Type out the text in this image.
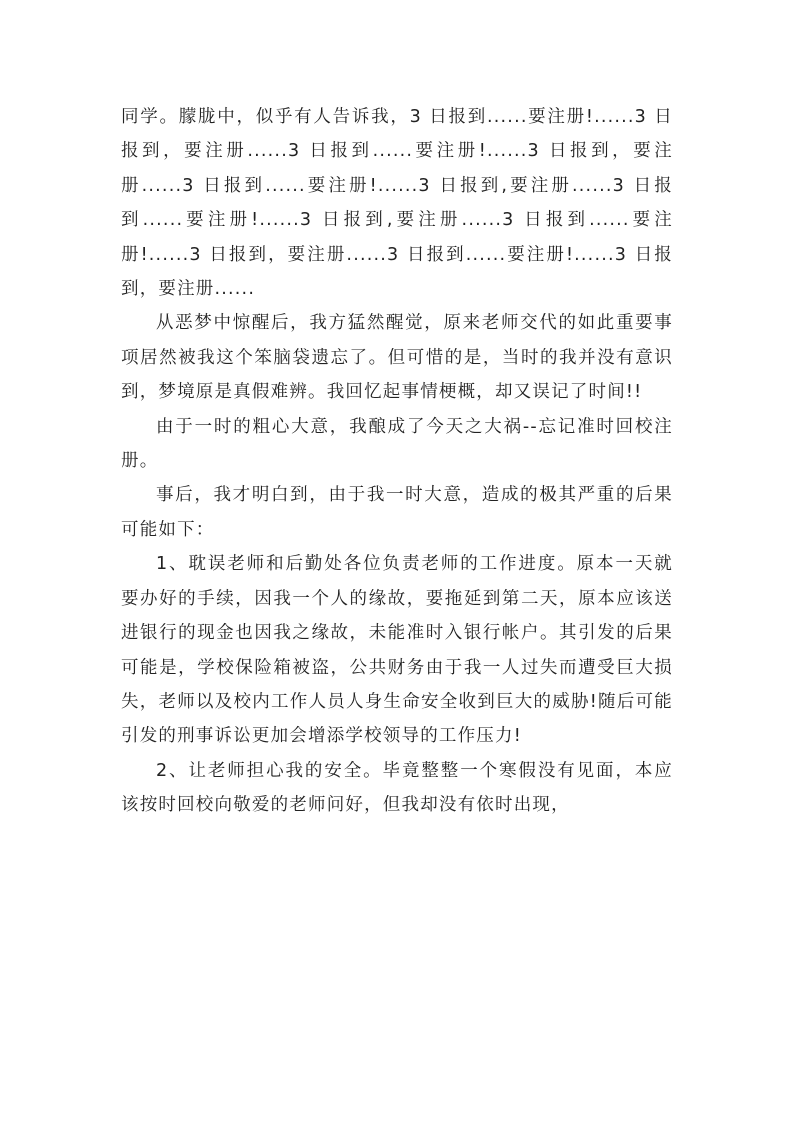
同学。朦胧中，似乎有人告诉我，3 日报到......要注册!......3 日报到，要注册......3 日报到......要注册!......3 日报到，要注册......3 日报到......要注册!......3 日报到,要注册......3 日报到......要注册!......3 日报到,要注册......3 日报到......要注册!......3 日报到，要注册......3 日报到......要注册!......3 日报到，要注册......

从恶梦中惊醒后，我方猛然醒觉，原来老师交代的如此重要事项居然被我这个笨脑袋遗忘了。但可惜的是，当时的我并没有意识到，梦境原是真假难辨。我回忆起事情梗概，却又误记了时间!!

由于一时的粗心大意，我酿成了今天之大祸--忘记准时回校注册。

事后，我才明白到，由于我一时大意，造成的极其严重的后果可能如下：

1、耽误老师和后勤处各位负责老师的工作进度。原本一天就要办好的手续，因我一个人的缘故，要拖延到第二天，原本应该送进银行的现金也因我之缘故，未能准时入银行帐户。其引发的后果可能是，学校保险箱被盗，公共财务由于我一人过失而遭受巨大损失，老师以及校内工作人员人身生命安全收到巨大的威胁!随后可能引发的刑事诉讼更加会增添学校领导的工作压力!

2、让老师担心我的安全。毕竟整整一个寒假没有见面，本应该按时回校向敬爱的老师问好，但我却没有依时出现，
